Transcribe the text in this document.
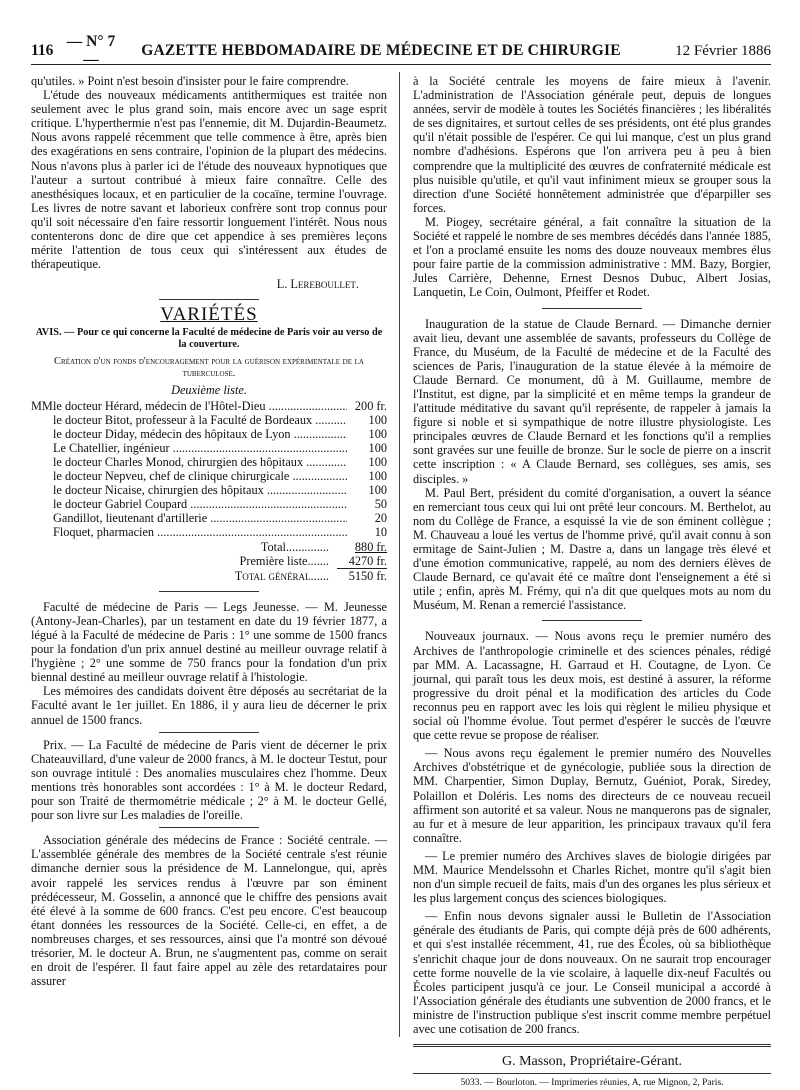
116
— N° 7 —
GAZETTE HEBDOMADAIRE DE MÉDECINE ET DE CHIRURGIE	12 Février 1886

qu'utiles. » Point n'est besoin d'insister pour le faire comprendre.

L'étude des nouveaux médicaments antithermiques est traitée non seulement avec le plus grand soin, mais encore avec un sage esprit critique. L'hyperthermie n'est pas l'ennemie, dit M. Dujardin-Beaumetz. Nous avons rappelé récemment que telle commence à être, après bien des exagérations en sens contraire, l'opinion de la plupart des médecins. Nous n'avons plus à parler ici de l'étude des nouveaux hypnotiques que l'auteur a surtout contribué à mieux faire connaître. Celle des anesthésiques locaux, et en particulier de la cocaïne, termine l'ouvrage. Les livres de notre savant et laborieux confrère sont trop connus pour qu'il soit nécessaire d'en faire ressortir longuement l'intérêt. Nous nous contenterons donc de dire que cet appendice à ses premières leçons mérite l'attention de tous ceux qui s'intéressent aux études de thérapeutique.

L. Lereboullet.
VARIÉTÉS
AVIS. — Pour ce qui concerne la Faculté de médecine de Paris voir au verso de la couverture.
Création d'un fonds d'encouragement pour la guérison expérimentale de la tuberculose.
Deuxième liste.
MM.
le docteur Hérard, médecin de l'Hôtel-Dieu .....	200 fr.
le docteur Bitot, professeur à la Faculté de Bordeaux .....	100
le docteur Diday, médecin des hôpitaux de Lyon .....	100
Le Chatellier, ingénieur .....	100
le docteur Charles Monod, chirurgien des hôpitaux .....	100
le docteur Nepveu, chef de clinique chirurgicale .....	100
le docteur Nicaise, chirurgien des hôpitaux .....	100
le docteur Gabriel Coupard .....	50
Gandillot, lieutenant d'artillerie .....	20
Floquet, pharmacien .....	10
Total..............	880 fr.
Première liste.......	4270 fr.
Total général......	5150 fr.

Faculté de médecine de Paris — Legs Jeunesse. — M. Jeunesse (Antony-Jean-Charles), par un testament en date du 19 février 1877, a légué à la Faculté de médecine de Paris : 1° une somme de 1500 francs pour la fondation d'un prix annuel destiné au meilleur ouvrage relatif à l'hygiène ; 2° une somme de 750 francs pour la fondation d'un prix biennal destiné au meilleur ouvrage relatif à l'histologie.

Les mémoires des candidats doivent être déposés au secrétariat de la Faculté avant le 1er juillet. En 1886, il y aura lieu de décerner le prix annuel de 1500 francs.

Prix. — La Faculté de médecine de Paris vient de décerner le prix Chateauvillard, d'une valeur de 2000 francs, à M. le docteur Testut, pour son ouvrage intitulé : Des anomalies musculaires chez l'homme. Deux mentions très honorables sont accordées : 1° à M. le docteur Redard, pour son Traité de thermométrie médicale ; 2° à M. le docteur Gellé, pour son livre sur Les maladies de l'oreille.

Association générale des médecins de France : Société centrale. — L'assemblée générale des membres de la Société centrale s'est réunie dimanche dernier sous la présidence de M. Lannelongue, qui, après avoir rappelé les services rendus à l'œuvre par son éminent prédécesseur, M. Gosselin, a annoncé que le chiffre des pensions avait été élevé à la somme de 600 francs. C'est peu encore. C'est beaucoup étant données les ressources de la Société. Celle-ci, en effet, a de nombreuses charges, et ses ressources, ainsi que l'a montré son dévoué trésorier, M. le docteur A. Brun, ne s'augmentent pas, comme on serait en droit de l'espérer. Il faut faire appel au zèle des retardataires pour assurer

à la Société centrale les moyens de faire mieux à l'avenir. L'administration de l'Association générale peut, depuis de longues années, servir de modèle à toutes les Sociétés financières ; les libéralités de ses dignitaires, et surtout celles de ses présidents, ont été plus grandes qu'il n'était possible de l'espérer. Ce qui lui manque, c'est un plus grand nombre d'adhésions. Espérons que l'on arrivera peu à peu à bien comprendre que la multiplicité des œuvres de confraternité médicale est plus nuisible qu'utile, et qu'il vaut infiniment mieux se grouper sous la direction d'une Société honnêtement administrée que d'éparpiller ses forces.

M. Piogey, secrétaire général, a fait connaître la situation de la Société et rappelé le nombre de ses membres décédés dans l'année 1885, et l'on a proclamé ensuite les noms des douze nouveaux membres élus pour faire partie de la commission administrative : MM. Bazy, Borgier, Jules Carrière, Dehenne, Ernest Desnos Dubuc, Albert Josias, Lanquetin, Le Coin, Oulmont, Pfeiffer et Rodet.

Inauguration de la statue de Claude Bernard. — Dimanche dernier avait lieu, devant une assemblée de savants, professeurs du Collège de France, du Muséum, de la Faculté de médecine et de la Faculté des sciences de Paris, l'inauguration de la statue élevée à la mémoire de Claude Bernard. Ce monument, dû à M. Guillaume, membre de l'Institut, est digne, par la simplicité et en même temps la grandeur de l'attitude méditative du savant qu'il représente, de rappeler à jamais la figure si noble et si sympathique de notre illustre physiologiste. Les principales œuvres de Claude Bernard et les fonctions qu'il a remplies sont gravées sur une feuille de bronze. Sur le socle de pierre on a inscrit cette inscription : « A Claude Bernard, ses collègues, ses amis, ses disciples. »

M. Paul Bert, président du comité d'organisation, a ouvert la séance en remerciant tous ceux qui lui ont prêté leur concours. M. Berthelot, au nom du Collège de France, a esquissé la vie de son éminent collègue ; M. Chauveau a loué les vertus de l'homme privé, qu'il avait connu à son ermitage de Saint-Julien ; M. Dastre a, dans un langage très élevé et d'une émotion communicative, rappelé, au nom des derniers élèves de Claude Bernard, ce qu'avait été ce maître dont l'enseignement a été si utile ; enfin, après M. Frémy, qui n'a dit que quelques mots au nom du Muséum, M. Renan a remercié l'assistance.

Nouveaux journaux. — Nous avons reçu le premier numéro des Archives de l'anthropologie criminelle et des sciences pénales, rédigé par MM. A. Lacassagne, H. Garraud et H. Coutagne, de Lyon. Ce journal, qui paraît tous les deux mois, est destiné à assurer, la réforme progressive du droit pénal et la modification des articles du Code reconnus peu en rapport avec les lois qui règlent le milieu physique et social où l'homme évolue. Tout permet d'espérer le succès de l'œuvre que cette revue se propose de réaliser.

— Nous avons reçu également le premier numéro des Nouvelles Archives d'obstétrique et de gynécologie, publiée sous la direction de MM. Charpentier, Simon Duplay, Bernutz, Guéniot, Porak, Siredey, Polaillon et Doléris. Les noms des directeurs de ce nouveau recueil affirment son autorité et sa valeur. Nous ne manquerons pas de signaler, au fur et à mesure de leur apparition, les principaux travaux qu'il fera connaître.

— Le premier numéro des Archives slaves de biologie dirigées par MM. Maurice Mendelssohn et Charles Richet, montre qu'il s'agit bien non d'un simple recueil de faits, mais d'un des organes les plus sérieux et les plus largement conçus des sciences biologiques.

— Enfin nous devons signaler aussi le Bulletin de l'Association générale des étudiants de Paris, qui compte déjà près de 600 adhérents, et qui s'est installée récemment, 41, rue des Écoles, où sa bibliothèque s'enrichit chaque jour de dons nouveaux. On ne saurait trop encourager cette forme nouvelle de la vie scolaire, à laquelle dix-neuf Facultés ou Écoles participent jusqu'à ce jour. Le Conseil municipal a accordé à l'Association générale des étudiants une subvention de 2000 francs, et le ministre de l'instruction publique s'est inscrit comme membre perpétuel avec une cotisation de 200 francs.

G. Masson, Propriétaire-Gérant.
5033. — Bourloton. — Imprimeries réunies, A, rue Mignon, 2, Paris.
